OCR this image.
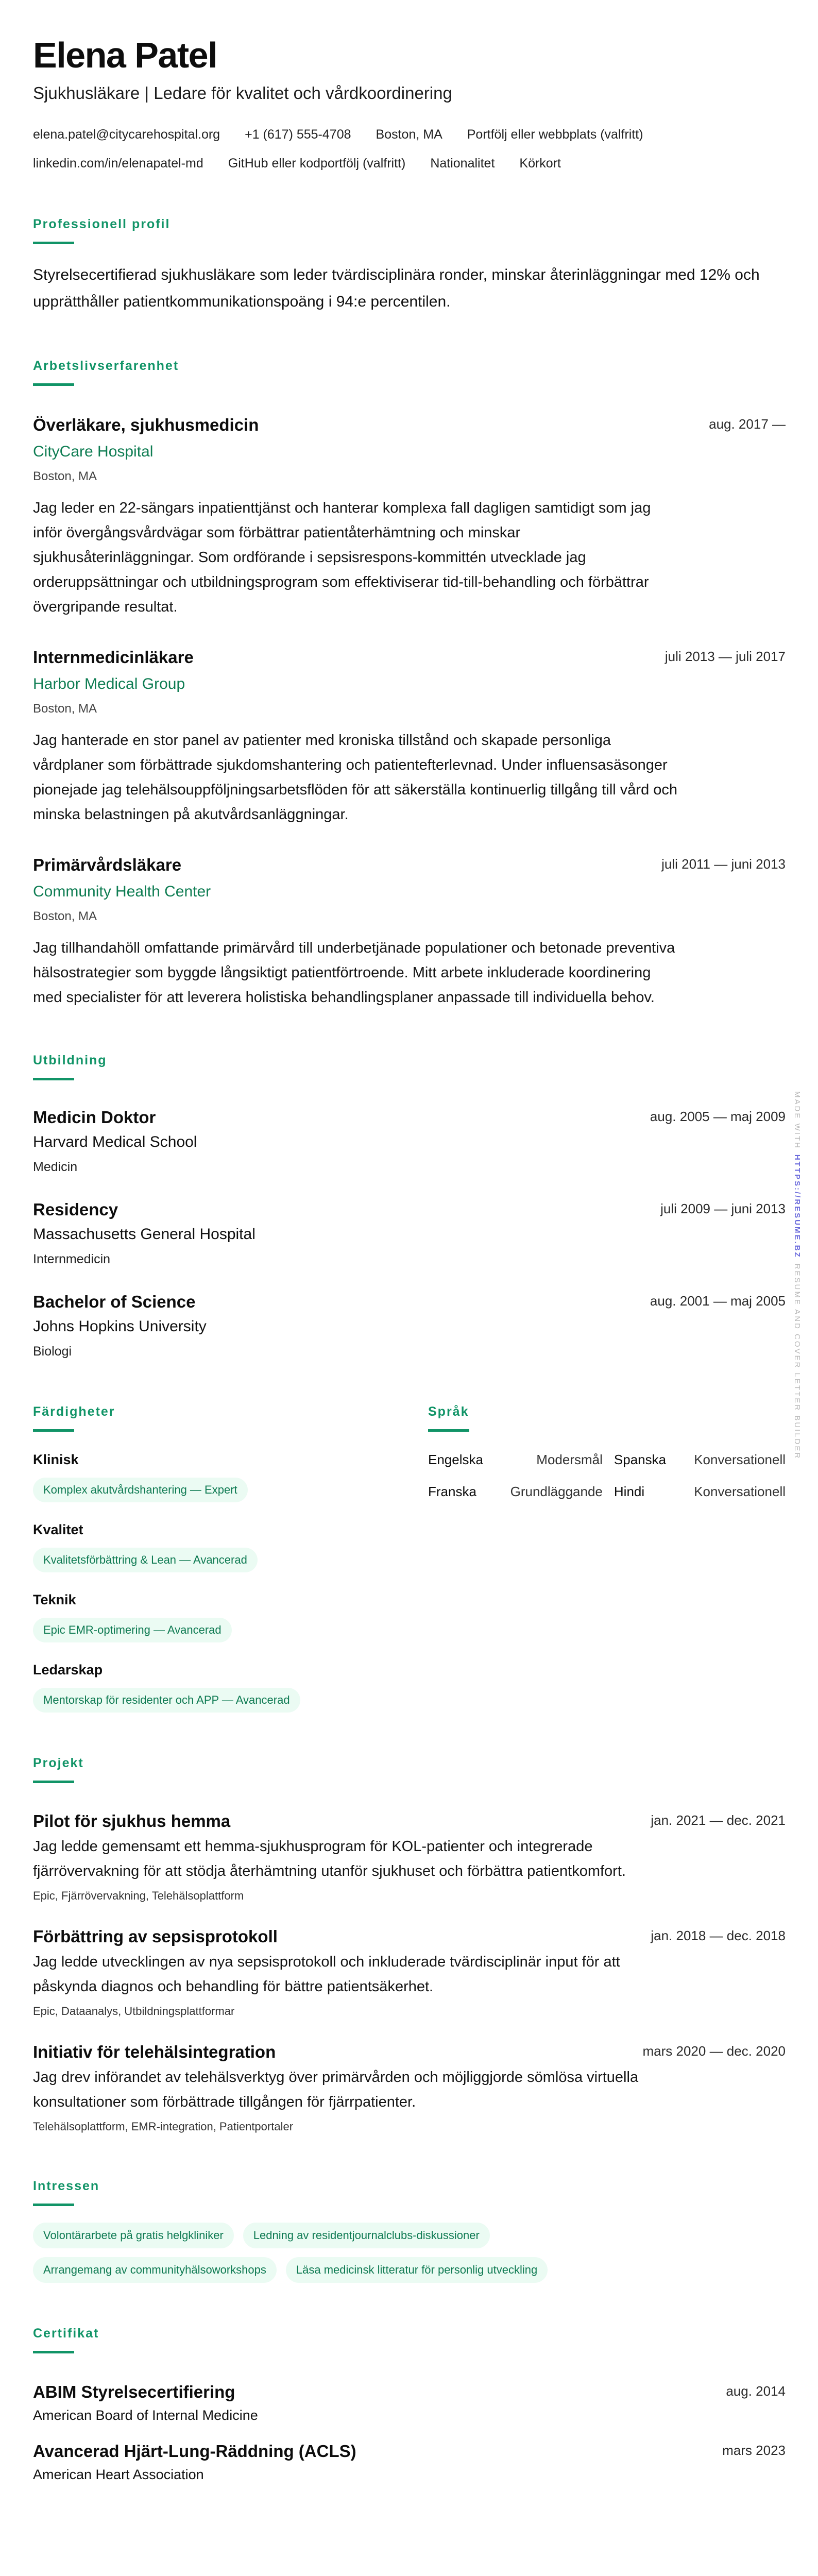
Elena Patel
Sjukhusläkare | Ledare för kvalitet och vårdkoordinering
elena.patel@citycarehospital.org +1 (617) 555-4708 Boston, MA Portfölj eller webbplats (valfritt)
linkedin.com/in/elenapatel-md GitHub eller kodportfölj (valfritt) Nationalitet Körkort
Professionell profil
Styrelsecertifierad sjukhusläkare som leder tvärdisciplinära ronder, minskar återinläggningar med 12% och upprätthåller patientkommunikationspoäng i 94:e percentilen.
Arbetslivserfarenhet
Överläkare, sjukhusmedicin	aug. 2017 —
CityCare Hospital
Boston, MA
Jag leder en 22-sängars inpatienttjänst och hanterar komplexa fall dagligen samtidigt som jag inför övergångsvårdvägar som förbättrar patientåterhämtning och minskar sjukhusåterinläggningar. Som ordförande i sepsisrespons-kommittén utvecklade jag orderuppsättningar och utbildningsprogram som effektiviserar tid-till-behandling och förbättrar övergripande resultat.
Internmedicinläkare	juli 2013 — juli 2017
Harbor Medical Group
Boston, MA
Jag hanterade en stor panel av patienter med kroniska tillstånd och skapade personliga vårdplaner som förbättrade sjukdomshantering och patientefterlevnad. Under influensasäsonger pionejade jag telehälsouppföljningsarbetsflöden för att säkerställa kontinuerlig tillgång till vård och minska belastningen på akutvårdsanläggningar.
Primärvårdsläkare	juli 2011 — juni 2013
Community Health Center
Boston, MA
Jag tillhandahöll omfattande primärvård till underbetjänade populationer och betonade preventiva hälsostrategier som byggde långsiktigt patientförtroende. Mitt arbete inkluderade koordinering med specialister för att leverera holistiska behandlingsplaner anpassade till individuella behov.
Utbildning
Medicin Doktor	aug. 2005 — maj 2009
Harvard Medical School
Medicin
Residency	juli 2009 — juni 2013
Massachusetts General Hospital
Internmedicin
Bachelor of Science	aug. 2001 — maj 2005
Johns Hopkins University
Biologi
Färdigheter
Klinisk
Komplex akutvårdshantering — Expert
Kvalitet
Kvalitetsförbättring & Lean — Avancerad
Teknik
Epic EMR-optimering — Avancerad
Ledarskap
Mentorskap för residenter och APP — Avancerad
Språk
Engelska	Modersmål Spanska	Konversationell
Franska	Grundläggande Hindi	Konversationell
Projekt
Pilot för sjukhus hemma	jan. 2021 — dec. 2021
Jag ledde gemensamt ett hemma-sjukhusprogram för KOL-patienter och integrerade fjärrövervakning för att stödja återhämtning utanför sjukhuset och förbättra patientkomfort.
Epic, Fjärrövervakning, Telehälsoplattform
Förbättring av sepsisprotokoll	jan. 2018 — dec. 2018
Jag ledde utvecklingen av nya sepsisprotokoll och inkluderade tvärdisciplinär input för att påskynda diagnos och behandling för bättre patientsäkerhet.
Epic, Dataanalys, Utbildningsplattformar
Initiativ för telehälsintegration	mars 2020 — dec. 2020
Jag drev införandet av telehälsverktyg över primärvården och möjliggjorde sömlösa virtuella konsultationer som förbättrade tillgången för fjärrpatienter.
Telehälsoplattform, EMR-integration, Patientportaler
Intressen
Volontärarbete på gratis helgkliniker	Ledning av residentjournalclubs-diskussioner
Arrangemang av communityhälsoworkshops	Läsa medicinsk litteratur för personlig utveckling
Certifikat
ABIM Styrelsecertifiering	aug. 2014
American Board of Internal Medicine
Avancerad Hjärt-Lung-Räddning (ACLS)	mars 2023
American Heart Association
MADE WITHHTTPS://RESUME.BZRESUME AND COVER LETTER BUILDER
